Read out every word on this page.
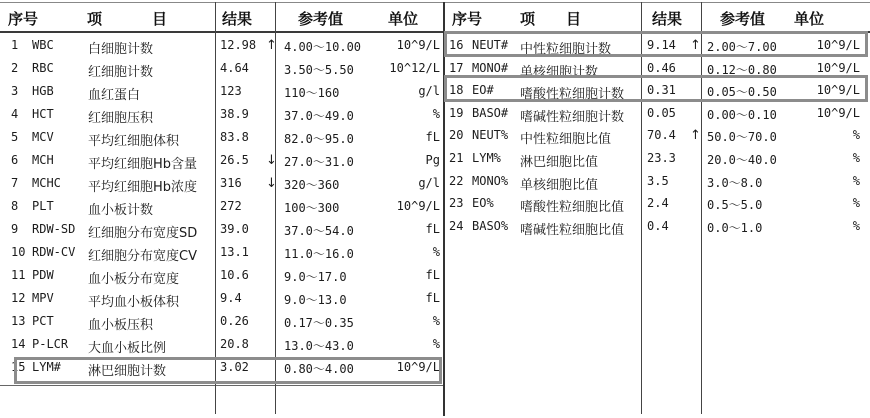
序号	项	目	结果	参考值	单位 序号	项 目	结果	参考值 单位
1 WBC	白细胞计数	12.98 ↑ 4.00～10.00	10^9/L
2 RBC	红细胞计数	4.64	3.50～5.50	10^12/L
3 HGB	血红蛋白	123	110～160	g/l
4 HCT	红细胞压积	38.9	37.0～49.0	%
5 MCV	平均红细胞体积	83.8	82.0～95.0	fL
6 MCH	平均红细胞Hb含量 26.5 ↓ 27.0～31.0	Pg
7 MCHC 平均红细胞Hb浓度 316 ↓ 320～360	g/l
8 PLT	血小板计数	272	100～300	10^9/L
9 RDW-SD 红细胞分布宽度SD 39.0	37.0～54.0	fL
10 RDW-CV 红细胞分布宽度CV 13.1	11.0～16.0	%
11 PDW	血小板分布宽度	10.6	9.0～17.0	fL
12 MPV	平均血小板体积	9.4	9.0～13.0	fL
13 PCT	血小板压积	0.26	0.17～0.35	%
14 P-LCR 大血小板比例	20.8	13.0～43.0	%
15 LYM# 淋巴细胞计数	3.02	0.80～4.00	10^9/L
16 NEUT# 中性粒细胞计数	9.14 ↑ 2.00～7.00	10^9/L
17 MONO# 单核细胞计数	0.46	0.12～0.80	10^9/L
18 EO# 嗜酸性粒细胞计数 0.31	0.05～0.50	10^9/L
19 BASO# 嗜碱性粒细胞计数 0.05	0.00～0.10	10^9/L
20 NEUT% 中性粒细胞比值	70.4 ↑ 50.0～70.0	%
21 LYM% 淋巴细胞比值	23.3	20.0～40.0	%
22 MONO% 单核细胞比值	3.5	3.0～8.0	%
23 EO% 嗜酸性粒细胞比值 2.4	0.5～5.0	%
24 BASO% 嗜碱性粒细胞比值 0.4	0.0～1.0	%
